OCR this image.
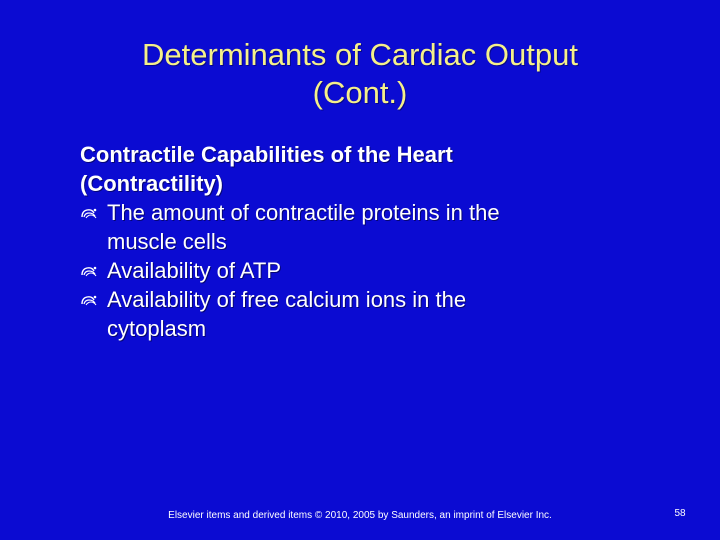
Determinants of Cardiac Output
(Cont.)
Contractile Capabilities of the Heart
(Contractility)
The amount of contractile proteins in the
muscle cells
Availability of ATP
Availability of free calcium ions in the
cytoplasm
Elsevier items and derived items © 2010, 2005 by Saunders, an imprint of Elsevier Inc.	58
